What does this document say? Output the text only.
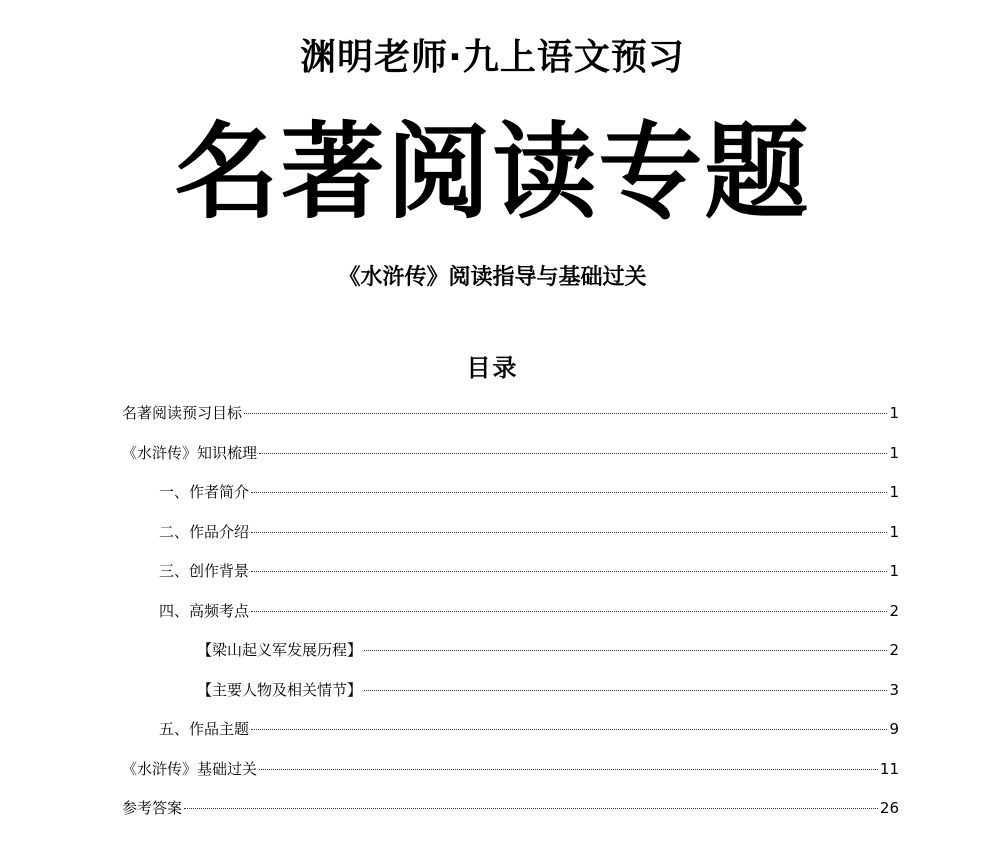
渊明老师·九上语文预习
名著阅读专题
《水浒传》阅读指导与基础过关
目录
名著阅读预习目标	1
《水浒传》知识梳理	1
一、作者简介	1
二、作品介绍	1
三、创作背景	1
四、高频考点	2
【梁山起义军发展历程】	2
【主要人物及相关情节】	3
五、作品主题	9
《水浒传》基础过关	11
参考答案	26
